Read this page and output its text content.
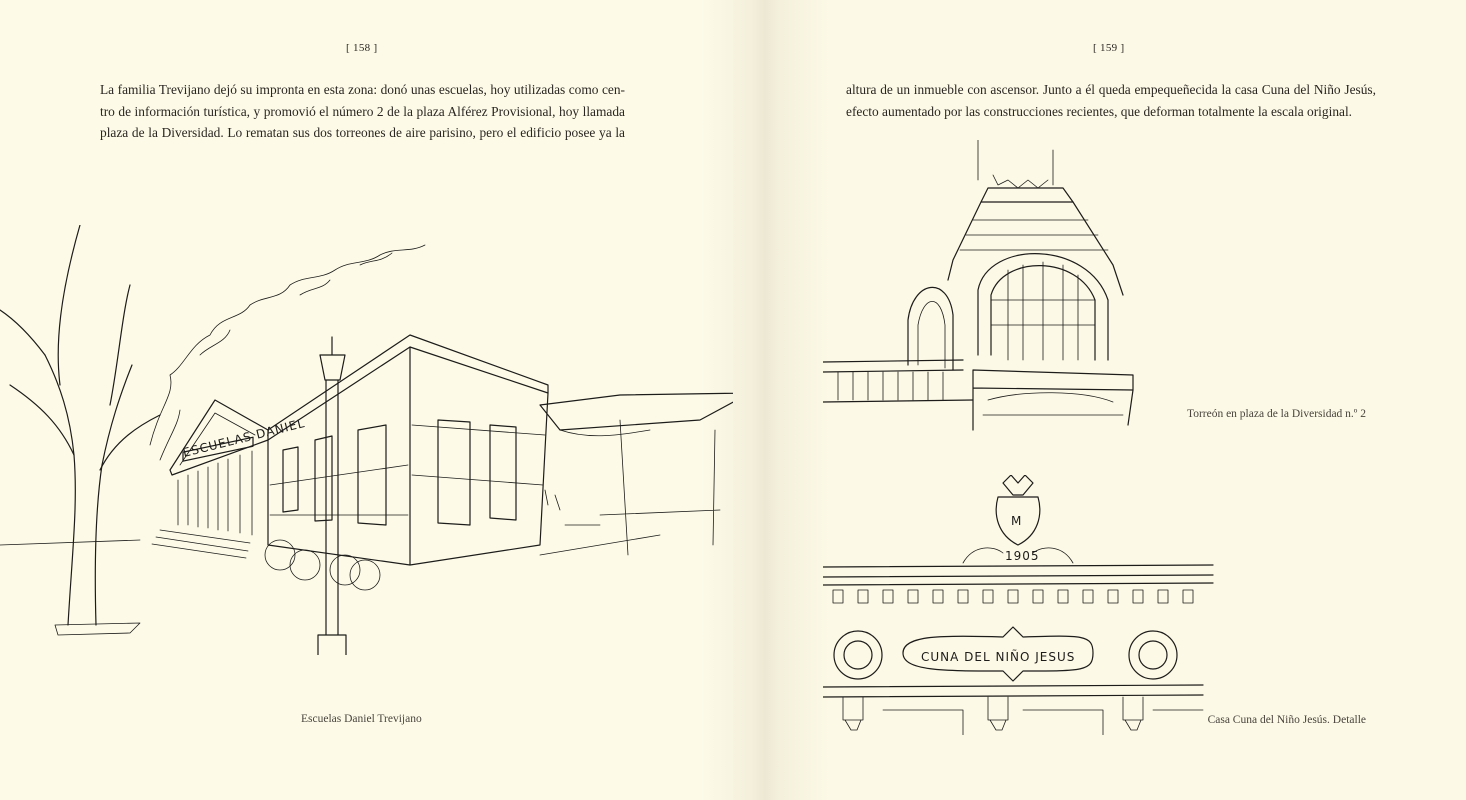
[ 158 ]
La familia Trevijano dejó su impronta en esta zona: donó unas escuelas, hoy utilizadas como cen-
tro de información turística, y promovió el número 2 de la plaza Alférez Provisional, hoy llamada
plaza de la Diversidad. Lo rematan sus dos torreones de aire parisino, pero el edificio posee ya la
ESCUELAS DANIEL
Escuelas Daniel Trevijano
[ 159 ]
altura de un inmueble con ascensor. Junto a él queda empequeñecida la casa Cuna del Niño Jesús,
efecto aumentado por las construcciones recientes, que deforman totalmente la escala original.
Torreón en plaza de la Diversidad n.º 2
M
1905
CUNA DEL NIÑO JESUS
Casa Cuna del Niño Jesús. Detalle
